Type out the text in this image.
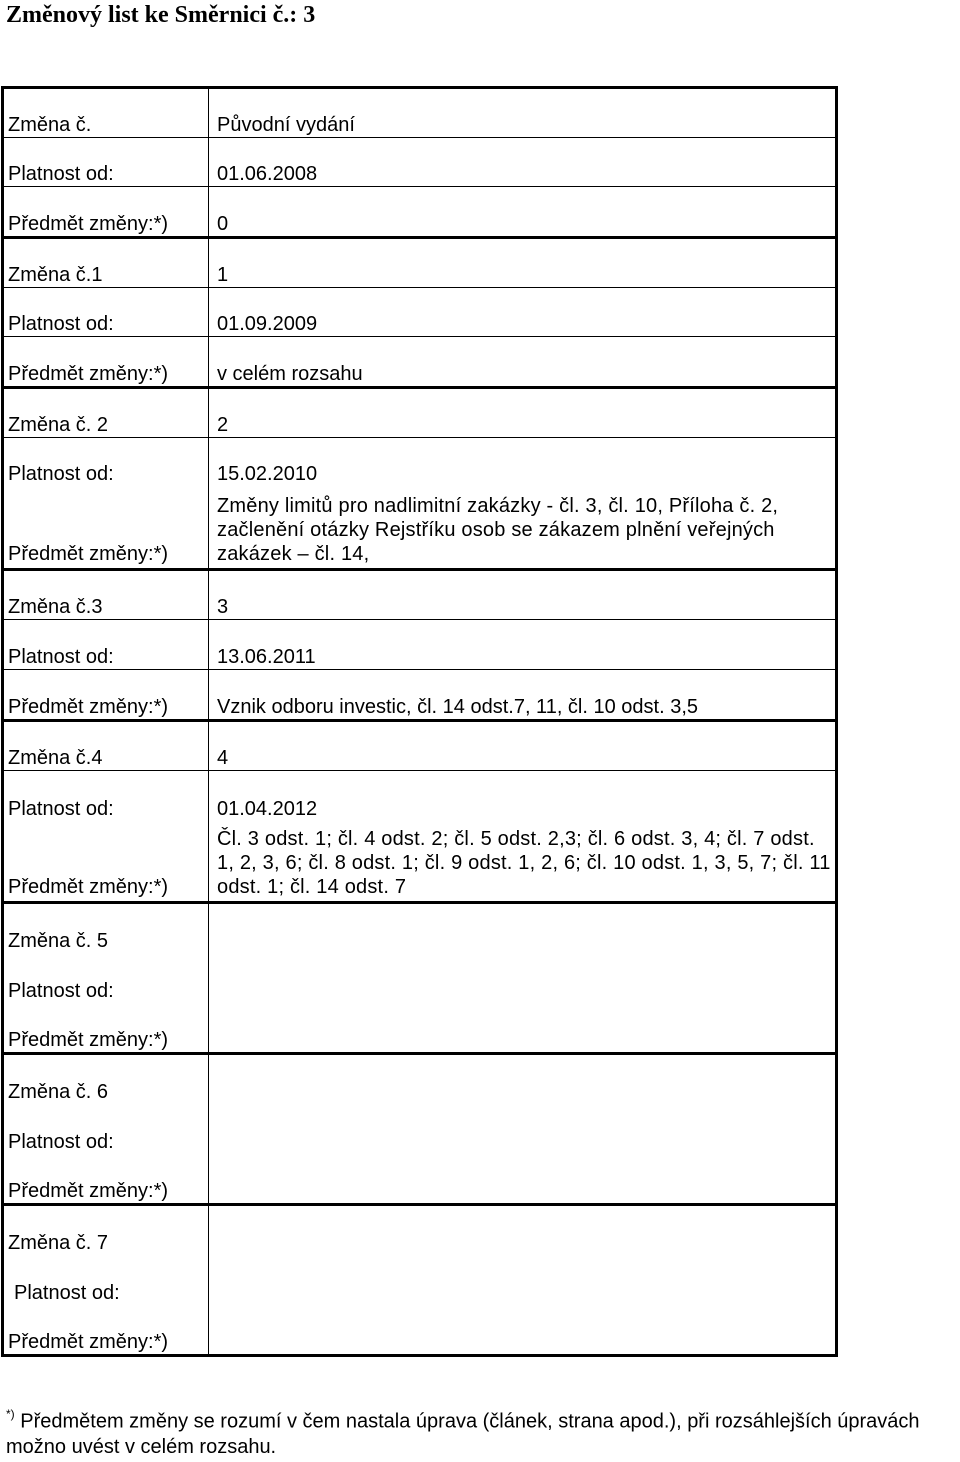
Změnový list ke Směrnici č.: 3
Změna č.	Původní vydání
Platnost od:	01.06.2008
Předmět změny:*)	0
Změna č.1	1
Platnost od:	01.09.2009
Předmět změny:*)	v celém rozsahu
Změna č. 2	2
Platnost od:	15.02.2010
Předmět změny:*)	Změny limitů pro nadlimitní zakázky - čl. 3, čl. 10, Příloha č. 2, začlenění otázky Rejstříku osob se zákazem plnění veřejných zakázek – čl. 14,
Změna č.3	3
Platnost od:	13.06.2011
Předmět změny:*)	Vznik odboru investic, čl. 14 odst.7, 11, čl. 10 odst. 3,5
Změna č.4	4
Platnost od:	01.04.2012
Předmět změny:*)	Čl. 3 odst. 1; čl. 4 odst. 2; čl. 5 odst. 2,3; čl. 6 odst. 3, 4; čl. 7 odst. 1, 2, 3, 6; čl. 8 odst. 1; čl. 9 odst. 1, 2, 6; čl. 10 odst. 1, 3, 5, 7; čl. 11 odst. 1; čl. 14 odst. 7
Změna č. 5	
Platnost od:	
Předmět změny:*)	
Změna č. 6	
Platnost od:	
Předmět změny:*)	
Změna č. 7	
Platnost od:	
Předmět změny:*)	
*) Předmětem změny se rozumí v čem nastala úprava (článek, strana apod.), při rozsáhlejších úpravách možno uvést v celém rozsahu.
